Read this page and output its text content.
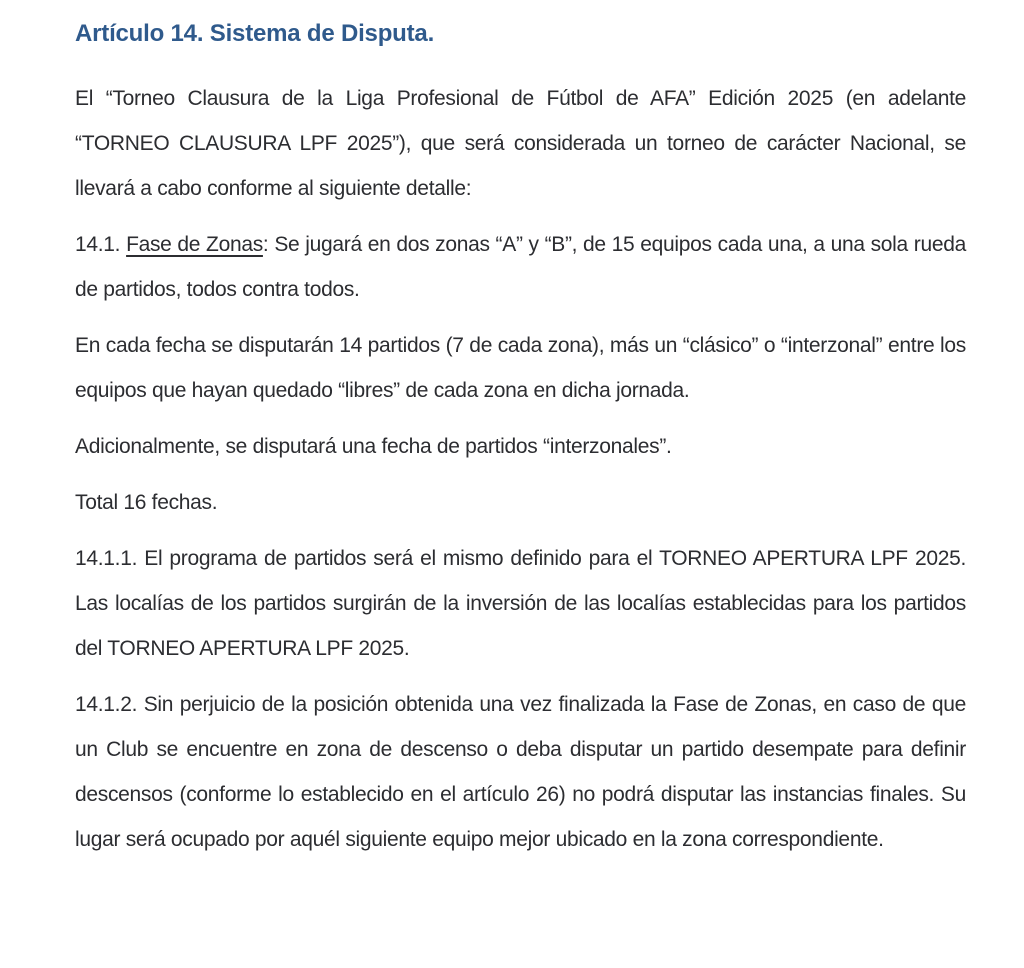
Artículo 14. Sistema de Disputa.

El “Torneo Clausura de la Liga Profesional de Fútbol de AFA” Edición 2025 (en adelante “TORNEO CLAUSURA LPF 2025”), que será considerada un torneo de carácter Nacional, se llevará a cabo conforme al siguiente detalle:

14.1. Fase de Zonas: Se jugará en dos zonas “A” y “B”, de 15 equipos cada una, a una sola rueda de partidos, todos contra todos.

En cada fecha se disputarán 14 partidos (7 de cada zona), más un “clásico” o “interzonal” entre los equipos que hayan quedado “libres” de cada zona en dicha jornada.

Adicionalmente, se disputará una fecha de partidos “interzonales”.

Total 16 fechas.

14.1.1. El programa de partidos será el mismo definido para el TORNEO APERTURA LPF 2025. Las localías de los partidos surgirán de la inversión de las localías establecidas para los partidos del TORNEO APERTURA LPF 2025.

14.1.2. Sin perjuicio de la posición obtenida una vez finalizada la Fase de Zonas, en caso de que un Club se encuentre en zona de descenso o deba disputar un partido desempate para definir descensos (conforme lo establecido en el artículo 26) no podrá disputar las instancias finales. Su lugar será ocupado por aquél siguiente equipo mejor ubicado en la zona correspondiente.
